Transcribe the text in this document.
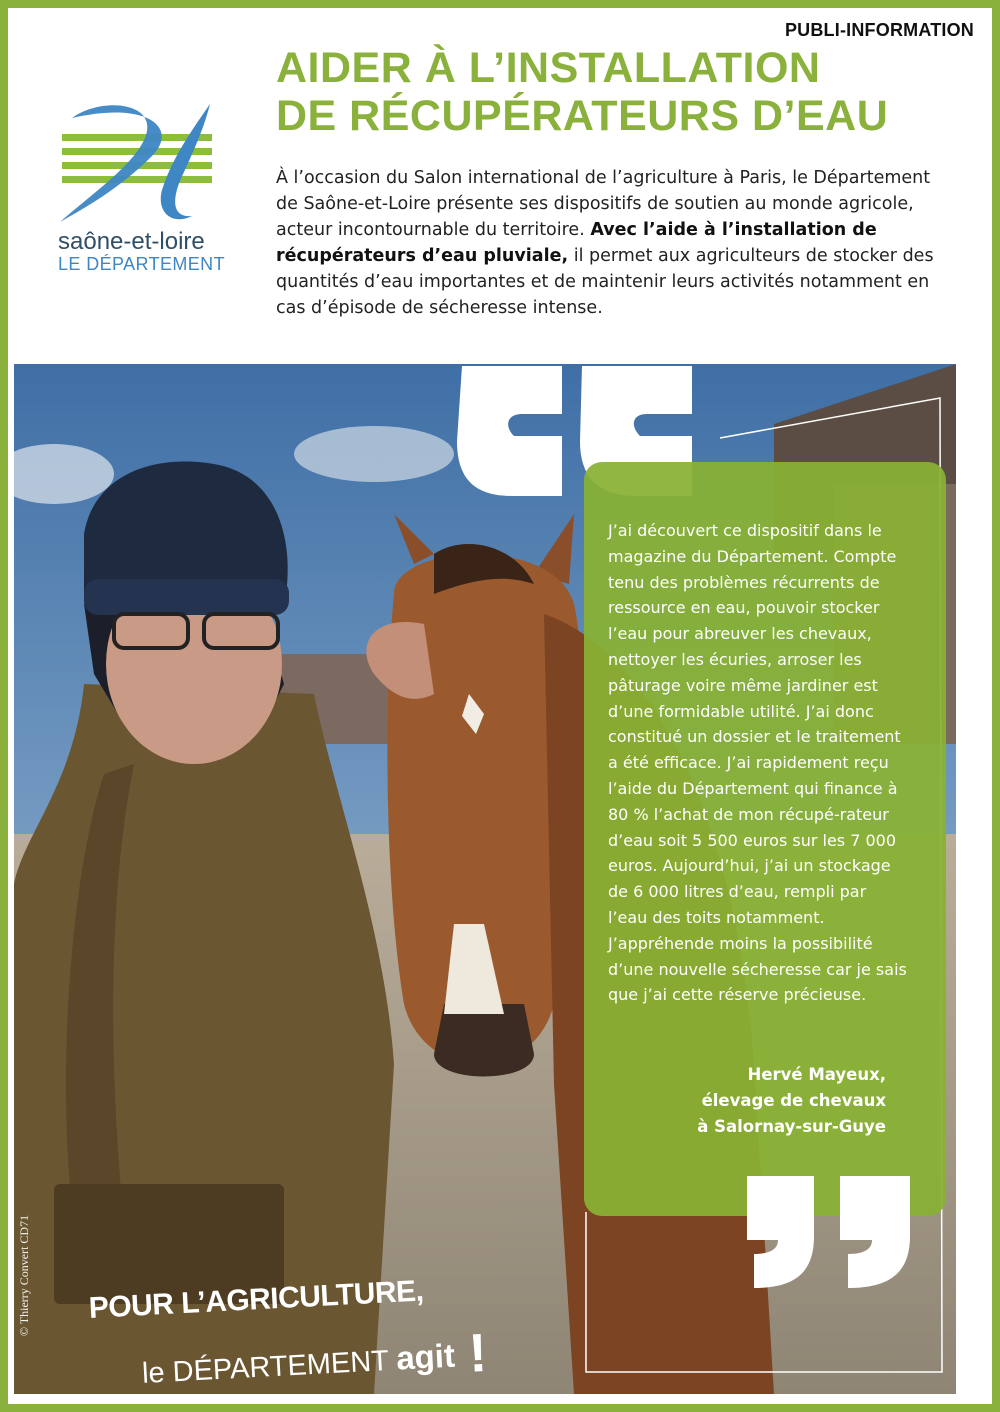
PUBLI-INFORMATION
AIDER À L’INSTALLATION
DE RÉCUPÉRATEURS D’EAU
saône-et-loire
LE DÉPARTEMENT

À l’occasion du Salon international de l’agriculture à Paris, le Département de Saône-et-Loire présente ses dispositifs de soutien au monde agricole, acteur incontournable du territoire. Avec l’aide à l’installation de récupérateurs d’eau pluviale, il permet aux agriculteurs de stocker des quantités d’eau importantes et de maintenir leurs activités notamment en cas d’épisode de sécheresse intense.

J’ai découvert ce dispositif dans le magazine du Département. Compte tenu des problèmes récurrents de ressource en eau, pouvoir stocker l’eau pour abreuver les chevaux, nettoyer les écuries, arroser les pâturage voire même jardiner est d’une formidable utilité. J’ai donc constitué un dossier et le traitement a été efficace. J’ai rapidement reçu l’aide du Département qui finance à 80 % l’achat de mon récupé-rateur d’eau soit 5 500 euros sur les 7 000 euros. Aujourd’hui, j’ai un stockage de 6 000 litres d’eau, rempli par l’eau des toits notamment. J’appréhende moins la possibilité d’une nouvelle sécheresse car je sais que j’ai cette réserve précieuse.

Hervé Mayeux,
élevage de chevaux
à Salornay-sur-Guye
© Thierry Convert CD71 POUR L’AGRICULTURE,
le DÉPARTEMENT agit !
